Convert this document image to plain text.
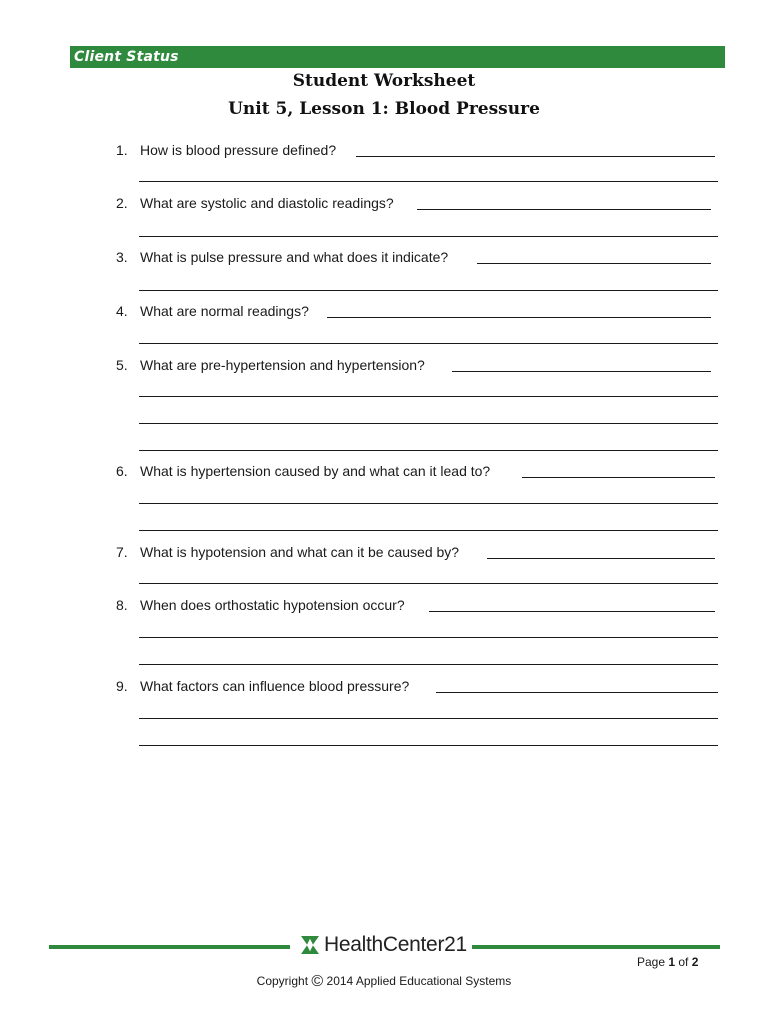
Client Status
Student Worksheet
Unit 5, Lesson 1: Blood Pressure
1. How is blood pressure defined?
2. What are systolic and diastolic readings?
3. What is pulse pressure and what does it indicate?
4. What are normal readings?
5. What are pre-hypertension and hypertension?
6. What is hypertension caused by and what can it lead to?
7. What is hypotension and what can it be caused by?
8. When does orthostatic hypotension occur?
9. What factors can influence blood pressure?
HealthCenter21
Page 1 of 2
Copyright © 2014 Applied Educational Systems
